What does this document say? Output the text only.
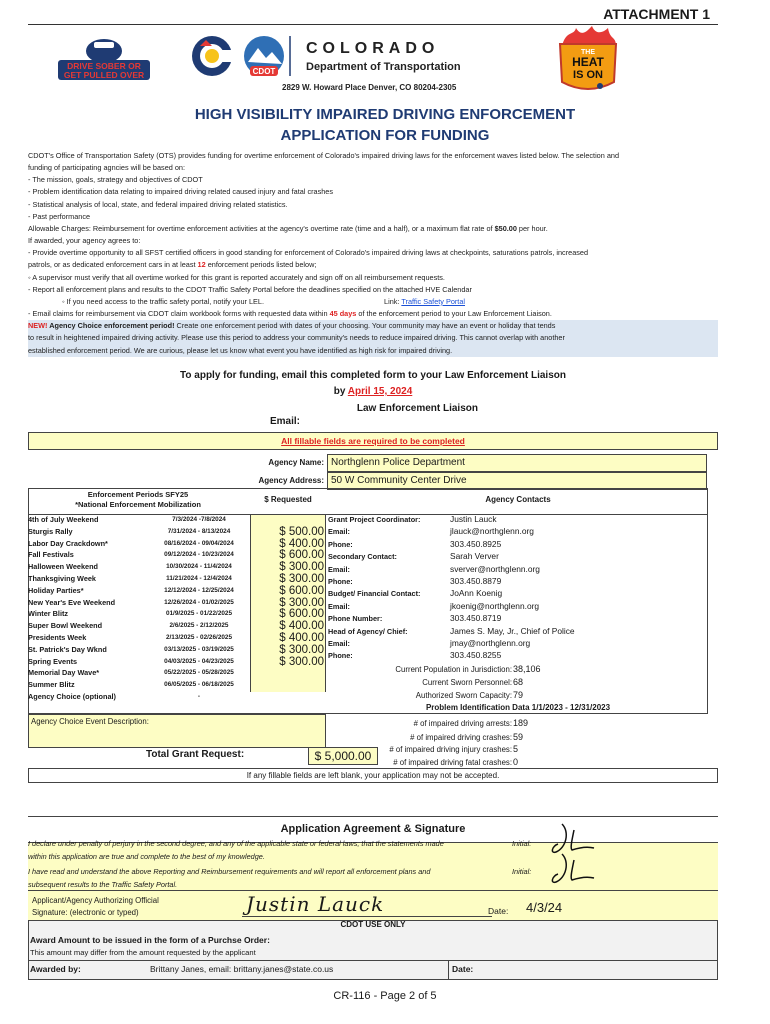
ATTACHMENT 1
DRIVE SOBER OR
GET PULLED OVER	CDOT
COLORADO
Department of Transportation
2829 W. Howard Place Denver, CO 80204-2305
THE
HEAT
IS ON
HIGH VISIBILITY IMPAIRED DRIVING ENFORCEMENT
APPLICATION FOR FUNDING

CDOT's Office of Transportation Safety (OTS) provides funding for overtime enforcement of Colorado's impaired driving laws for the enforcement waves listed below. The selection and

funding of participating agncies will be based on:

- The mission, goals, strategy and objectives of CDOT

- Problem identification data relating to impaired driving related caused injury and fatal crashes

- Statistical analysis of local, state, and federal impaired driving related statistics.

- Past performance

Allowable Charges: Reimbursement for overtime enforcement activities at the agency's overtime rate (time and a half), or a maximum flat rate of $50.00 per hour.

If awarded, your agency agrees to:

- Provide overtime opportunity to all SFST certified officers in good standing for enforcement of Colorado's impaired driving laws at checkpoints, saturations patrols, increased

patrols, or as dedicated enforcement cars in at least 12 enforcement periods listed below;

◦ A supervisor must verify that all overtime worked for this grant is reported accurately and sign off on all reimbursement requests.

- Report all enforcement plans and results to the CDOT Traffic Safety Portal before the deadlines specified on the attached HVE Calendar

◦ If you need access to the traffic safety portal, notify your LEL.	Link: Traffic Safety Portal

- Email claims for reimbursement via CDOT claim workbook forms with requested data within 45 days of the enforcement period to your Law Enforcement Liaison.

NEW! Agency Choice enforcement period! Create one enforcement period with dates of your choosing. Your community may have an event or holiday that tends

to result in heightened impaired driving activity. Please use this period to address your community's needs to reduce impaired driving. This cannot overlap with another

established enforcement period. We are curious, please let us know what event you have identified as high risk for impaired driving.

To apply for funding, email this completed form to your Law Enforcement Liaison
by April 15, 2024
Law Enforcement Liaison
Email:
All fillable fields are required to be completed
Agency Name: Northglenn Police Department
Agency Address: 50 W Community Center Drive
Enforcement Periods SFY25
*National Enforcement Mobilization
$ Requested	Agency Contacts
4th of July Weekend	7/3/2024 -7/8/2024
Sturgis Rally	7/31/2024 - 8/13/2024	$ 500.00
Labor Day Crackdown*	08/16/2024 - 09/04/2024	$ 400.00
Fall Festivals	09/12/2024 - 10/23/2024	$ 600.00
Halloween Weekend	10/30/2024 - 11/4/2024	$ 300.00
Thanksgiving Week	11/21/2024 - 12/4/2024	$ 300.00
Holiday Parties*	12/12/2024 - 12/25/2024	$ 600.00
New Year's Eve Weekend	12/26/2024 - 01/02/2025	$ 300.00
Winter Blitz	01/9/2025 - 01/22/2025	$ 600.00
Super Bowl Weekend	2/6/2025 - 2/12/2025	$ 400.00
Presidents Week	2/13/2025 - 02/26/2025	$ 400.00
St. Patrick's Day Wknd	03/13/2025 - 03/19/2025	$ 300.00
Spring Events	04/03/2025 - 04/23/2025	$ 300.00
Memorial Day Wave*	05/22/2025 - 05/28/2025
Summer Blitz	06/05/2025 - 06/18/2025
Agency Choice (optional)	-
Grant Project Coordinator:	Justin Lauck
Email:	jlauck@northglenn.org
Phone:	303.450.8925
Secondary Contact:	Sarah Verver
Email:	sverver@northglenn.org
Phone:	303.450.8879
Budget/ Financial Contact:	JoAnn Koenig
Email:	jkoenig@northglenn.org
Phone Number:	303.450.8719
Head of Agency/ Chief:	James S. May, Jr., Chief of Police
Email:	jmay@northglenn.org
Phone:	303.450.8255
Current Population in Jurisdiction: 38,106
Current Sworn Personnel: 68
Authorized Sworn Capacity: 79
Problem Identification Data 1/1/2023 - 12/31/2023
Agency Choice Event Description:
Total Grant Request:	$ 5,000.00
# of impaired driving arrests: 189
# of impaired driving crashes: 59
# of impaired driving injury crashes: 5
# of impaired driving fatal crashes: 0
If any fillable fields are left blank, your application may not be accepted.
Application Agreement & Signature

I declare under penalty of perjury in the second degree, and any of the applicable state or federal laws, that the statements made
within this application are true and complete to the best of my knowledge.

I have read and understand the above Reporting and Reimbursement requirements and will report all enforcement plans and
subsequent results to the Traffic Safety Portal.
Initial:
Initial:
Applicant/Agency Authorizing Official
Signature: (electronic or typed)	Justin Lauck	Date: 4/3/24
CDOT USE ONLY
Award Amount to be issued in the form of a Purchse Order:
This amount may differ from the amount requested by the applicant
Awarded by:	Brittany Janes, email: brittany.janes@state.co.us	Date:
CR-116 - Page 2 of 5
